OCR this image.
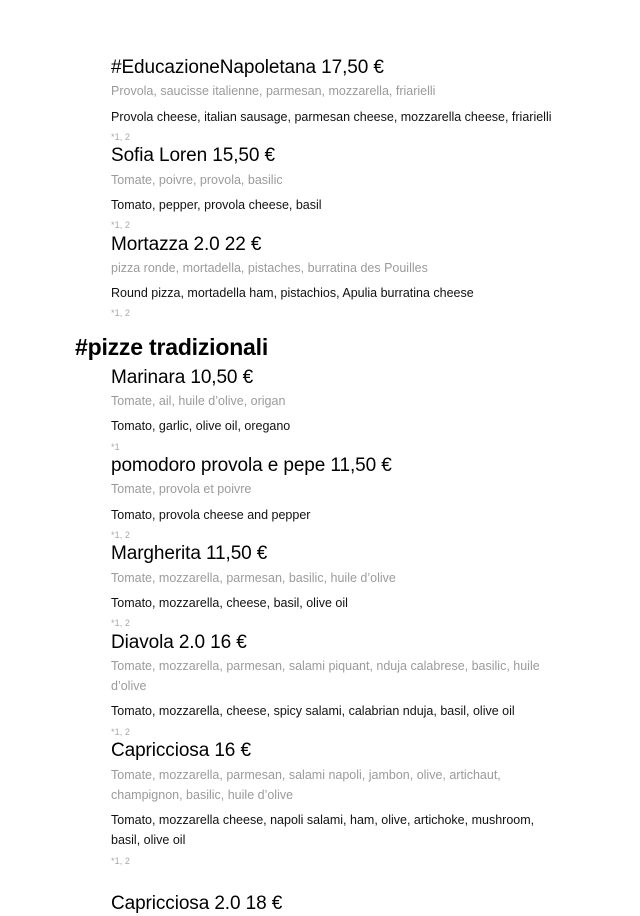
#EducazioneNapoletana 17,50 €
Provola, saucisse italienne, parmesan, mozzarella, friarielli
Provola cheese, italian sausage, parmesan cheese, mozzarella cheese, friarielli
*1, 2
Sofia Loren 15,50 €
Tomate, poivre, provola, basilic
Tomato, pepper, provola cheese, basil
*1, 2
Mortazza 2.0 22 €
pizza ronde, mortadella, pistaches, burratina des Pouilles
Round pizza, mortadella ham, pistachios, Apulia burratina cheese
*1, 2
#pizze tradizionali
Marinara 10,50 €
Tomate, ail, huile d’olive, origan
Tomato, garlic, olive oil, oregano
*1
pomodoro provola e pepe 11,50 €
Tomate, provola et poivre
Tomato, provola cheese and pepper
*1, 2
Margherita 11,50 €
Tomate, mozzarella, parmesan, basilic, huile d’olive
Tomato, mozzarella, cheese, basil, olive oil
*1, 2
Diavola 2.0 16 €
Tomate, mozzarella, parmesan, salami piquant, nduja calabrese, basilic, huile d’olive
Tomato, mozzarella, cheese, spicy salami, calabrian nduja, basil, olive oil
*1, 2
Capricciosa 16 €
Tomate, mozzarella, parmesan, salami napoli, jambon, olive, artichaut, champignon, basilic, huile d’olive
Tomato, mozzarella cheese, napoli salami, ham, olive, artichoke, mushroom, basil, olive oil
*1, 2
Capricciosa 2.0 18 €
